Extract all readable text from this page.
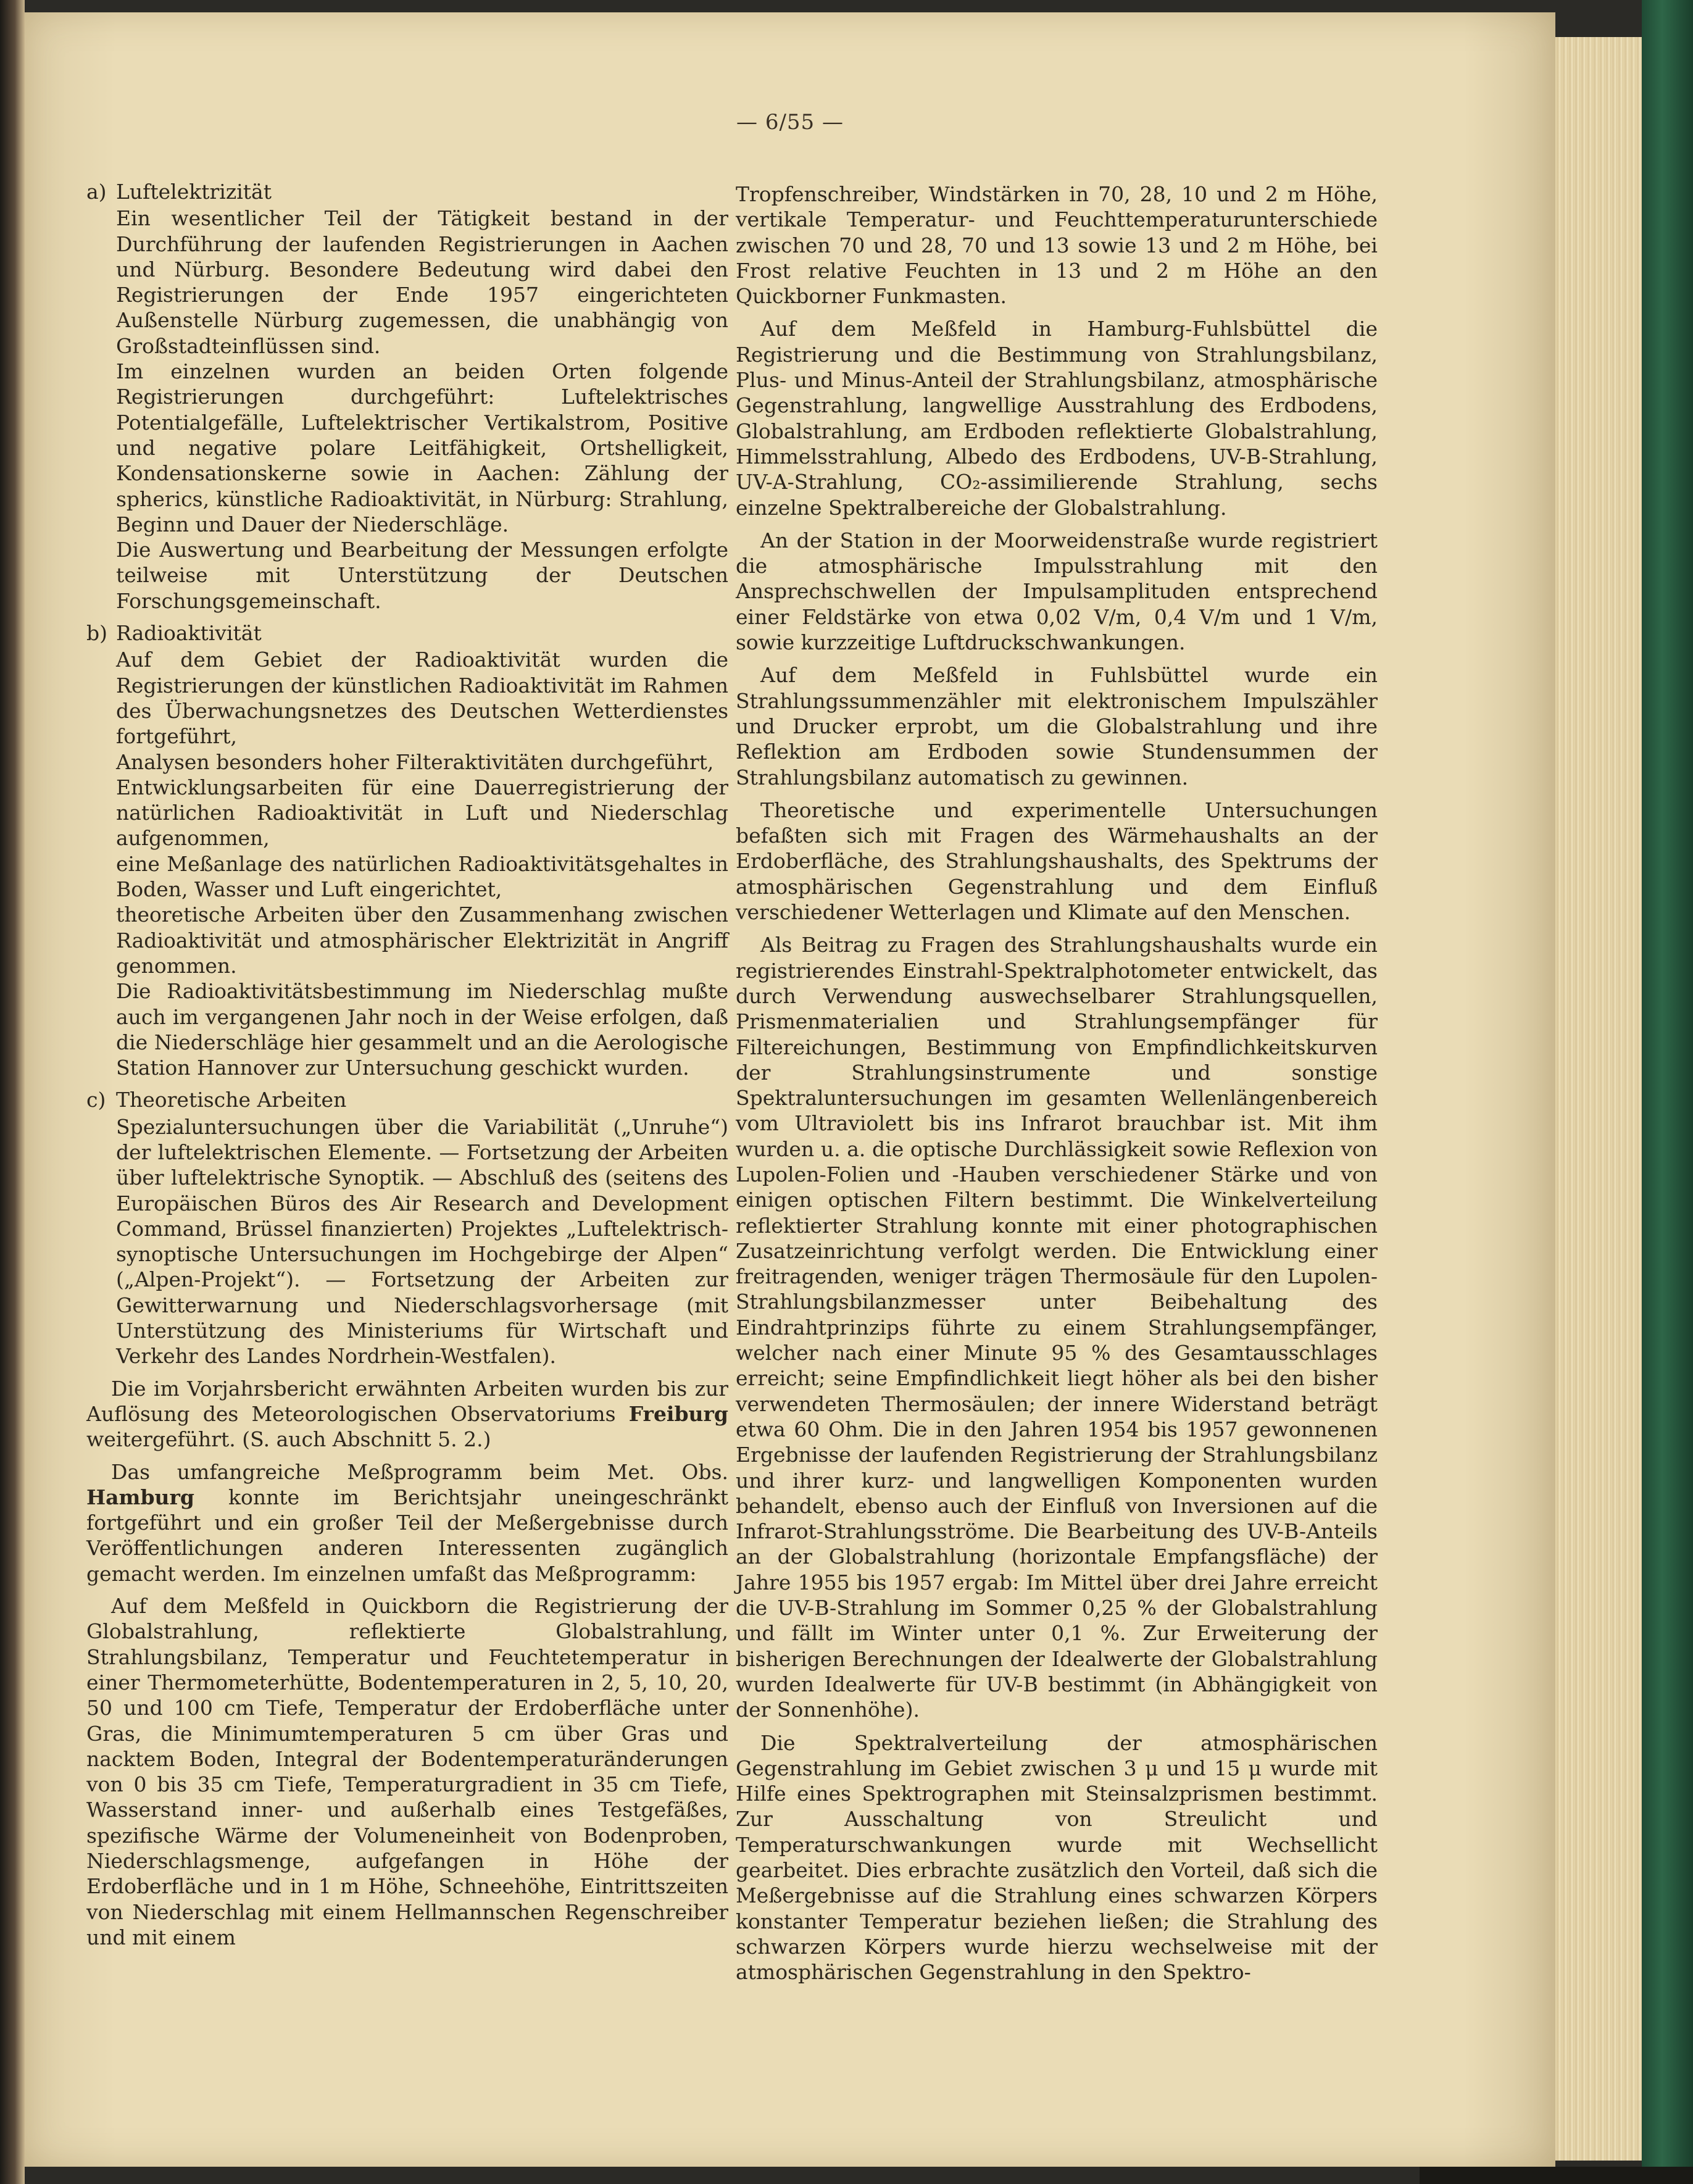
— 6/55 —
a) Luftelektrizität

Ein wesentlicher Teil der Tätigkeit bestand in der Durchführung der laufenden Registrierungen in Aachen und Nürburg. Besondere Bedeutung wird dabei den Registrierungen der Ende 1957 eingerichteten Außenstelle Nürburg zugemessen, die unabhängig von Großstadteinflüssen sind.

Im einzelnen wurden an beiden Orten folgende Registrierungen durchgeführt: Luftelektrisches Potentialgefälle, Luftelektrischer Vertikalstrom, Positive und negative polare Leitfähigkeit, Ortshelligkeit, Kondensationskerne sowie in Aachen: Zählung der spherics, künstliche Radioaktivität, in Nürburg: Strahlung, Beginn und Dauer der Niederschläge.

Die Auswertung und Bearbeitung der Messungen erfolgte teilweise mit Unterstützung der Deutschen Forschungsgemeinschaft.

b) Radioaktivität

Auf dem Gebiet der Radioaktivität wurden die Registrierungen der künstlichen Radioaktivität im Rahmen des Überwachungsnetzes des Deutschen Wetterdienstes fortgeführt,

Analysen besonders hoher Filteraktivitäten durchgeführt,

Entwicklungsarbeiten für eine Dauerregistrierung der natürlichen Radioaktivität in Luft und Niederschlag aufgenommen,

eine Meßanlage des natürlichen Radioaktivitätsgehaltes in Boden, Wasser und Luft eingerichtet,

theoretische Arbeiten über den Zusammenhang zwischen Radioaktivität und atmosphärischer Elektrizität in Angriff genommen.

Die Radioaktivitätsbestimmung im Niederschlag mußte auch im vergangenen Jahr noch in der Weise erfolgen, daß die Niederschläge hier gesammelt und an die Aerologische Station Hannover zur Untersuchung geschickt wurden.

c) Theoretische Arbeiten

Spezialuntersuchungen über die Variabilität („Unruhe“) der luftelektrischen Elemente. — Fortsetzung der Arbeiten über luftelektrische Synoptik. — Abschluß des (seitens des Europäischen Büros des Air Research and Development Command, Brüssel finanzierten) Projektes „Luftelektrisch-synoptische Untersuchungen im Hochgebirge der Alpen“ („Alpen-Projekt“). — Fortsetzung der Arbeiten zur Gewitterwarnung und Niederschlagsvorhersage (mit Unterstützung des Ministeriums für Wirtschaft und Verkehr des Landes Nordrhein-Westfalen).

Die im Vorjahrsbericht erwähnten Arbeiten wurden bis zur Auflösung des Meteorologischen Observatoriums Freiburg weitergeführt. (S. auch Abschnitt 5. 2.)

Das umfangreiche Meßprogramm beim Met. Obs. Hamburg konnte im Berichtsjahr uneingeschränkt fortgeführt und ein großer Teil der Meßergebnisse durch Veröffentlichungen anderen Interessenten zugänglich gemacht werden. Im einzelnen umfaßt das Meßprogramm:

Auf dem Meßfeld in Quickborn die Registrierung der Globalstrahlung, reflektierte Globalstrahlung, Strahlungsbilanz, Temperatur und Feuchtetemperatur in einer Thermometerhütte, Bodentemperaturen in 2, 5, 10, 20, 50 und 100 cm Tiefe, Temperatur der Erdoberfläche unter Gras, die Minimumtemperaturen 5 cm über Gras und nacktem Boden, Integral der Bodentemperaturänderungen von 0 bis 35 cm Tiefe, Temperaturgradient in 35 cm Tiefe, Wasserstand inner- und außerhalb eines Testgefäßes, spezifische Wärme der Volumeneinheit von Bodenproben, Niederschlagsmenge, aufgefangen in Höhe der Erdoberfläche und in 1 m Höhe, Schneehöhe, Eintrittszeiten von Niederschlag mit einem Hellmannschen Regenschreiber und mit einem

Tropfenschreiber, Windstärken in 70, 28, 10 und 2 m Höhe, vertikale Temperatur- und Feuchttemperaturunterschiede zwischen 70 und 28, 70 und 13 sowie 13 und 2 m Höhe, bei Frost relative Feuchten in 13 und 2 m Höhe an den Quickborner Funkmasten.

Auf dem Meßfeld in Hamburg-Fuhlsbüttel die Registrierung und die Bestimmung von Strahlungsbilanz, Plus- und Minus-Anteil der Strahlungsbilanz, atmosphärische Gegenstrahlung, langwellige Ausstrahlung des Erdbodens, Globalstrahlung, am Erdboden reflektierte Globalstrahlung, Himmelsstrahlung, Albedo des Erdbodens, UV-B-Strahlung, UV-A-Strahlung, CO₂-assimilierende Strahlung, sechs einzelne Spektralbereiche der Globalstrahlung.

An der Station in der Moorweidenstraße wurde registriert die atmosphärische Impulsstrahlung mit den Ansprechschwellen der Impulsamplituden entsprechend einer Feldstärke von etwa 0,02 V/m, 0,4 V/m und 1 V/m, sowie kurzzeitige Luftdruckschwankungen.

Auf dem Meßfeld in Fuhlsbüttel wurde ein Strahlungssummenzähler mit elektronischem Impulszähler und Drucker erprobt, um die Globalstrahlung und ihre Reflektion am Erdboden sowie Stundensummen der Strahlungsbilanz automatisch zu gewinnen.

Theoretische und experimentelle Untersuchungen befaßten sich mit Fragen des Wärmehaushalts an der Erdoberfläche, des Strahlungshaushalts, des Spektrums der atmosphärischen Gegenstrahlung und dem Einfluß verschiedener Wetterlagen und Klimate auf den Menschen.

Als Beitrag zu Fragen des Strahlungshaushalts wurde ein registrierendes Einstrahl-Spektralphotometer entwickelt, das durch Verwendung auswechselbarer Strahlungsquellen, Prismenmaterialien und Strahlungsempfänger für Filtereichungen, Bestimmung von Empfindlichkeitskurven der Strahlungsinstrumente und sonstige Spektraluntersuchungen im gesamten Wellenlängenbereich vom Ultraviolett bis ins Infrarot brauchbar ist. Mit ihm wurden u. a. die optische Durchlässigkeit sowie Reflexion von Lupolen-Folien und -Hauben verschiedener Stärke und von einigen optischen Filtern bestimmt. Die Winkelverteilung reflektierter Strahlung konnte mit einer photographischen Zusatzeinrichtung verfolgt werden. Die Entwicklung einer freitragenden, weniger trägen Thermosäule für den Lupolen-Strahlungsbilanzmesser unter Beibehaltung des Eindrahtprinzips führte zu einem Strahlungsempfänger, welcher nach einer Minute 95 % des Gesamtausschlages erreicht; seine Empfindlichkeit liegt höher als bei den bisher verwendeten Thermosäulen; der innere Widerstand beträgt etwa 60 Ohm. Die in den Jahren 1954 bis 1957 gewonnenen Ergebnisse der laufenden Registrierung der Strahlungsbilanz und ihrer kurz- und langwelligen Komponenten wurden behandelt, ebenso auch der Einfluß von Inversionen auf die Infrarot-Strahlungsströme. Die Bearbeitung des UV-B-Anteils an der Globalstrahlung (horizontale Empfangsfläche) der Jahre 1955 bis 1957 ergab: Im Mittel über drei Jahre erreicht die UV-B-Strahlung im Sommer 0,25 % der Globalstrahlung und fällt im Winter unter 0,1 %. Zur Erweiterung der bisherigen Berechnungen der Idealwerte der Globalstrahlung wurden Idealwerte für UV-B bestimmt (in Abhängigkeit von der Sonnenhöhe).

Die Spektralverteilung der atmosphärischen Gegenstrahlung im Gebiet zwischen 3 μ und 15 μ wurde mit Hilfe eines Spektrographen mit Steinsalzprismen bestimmt. Zur Ausschaltung von Streulicht und Temperaturschwankungen wurde mit Wechsellicht gearbeitet. Dies erbrachte zusätzlich den Vorteil, daß sich die Meßergebnisse auf die Strahlung eines schwarzen Körpers konstanter Temperatur beziehen ließen; die Strahlung des schwarzen Körpers wurde hierzu wechselweise mit der atmosphärischen Gegenstrahlung in den Spektro-
